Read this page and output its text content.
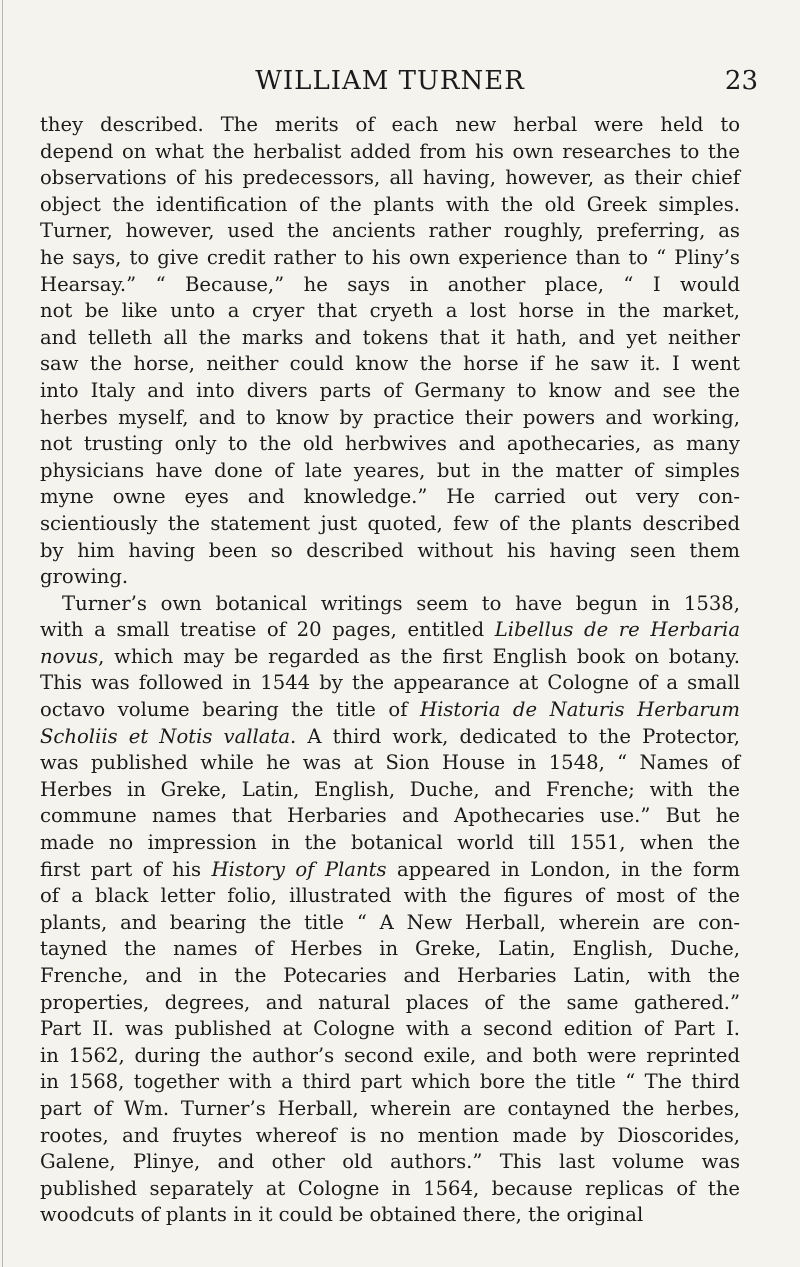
WILLIAM TURNER	23
they described. The merits of each new herbal were held to
depend on what the herbalist added from his own researches to the
observations of his predecessors, all having, however, as their chief
object the identification of the plants with the old Greek simples.
Turner, however, used the ancients rather roughly, preferring, as
he says, to give credit rather to his own experience than to “ Pliny’s
Hearsay.” “ Because,” he says in another place, “ I would
not be like unto a cryer that cryeth a lost horse in the market,
and telleth all the marks and tokens that it hath, and yet neither
saw the horse, neither could know the horse if he saw it. I went
into Italy and into divers parts of Germany to know and see the
herbes myself, and to know by practice their powers and working,
not trusting only to the old herbwives and apothecaries, as many
physicians have done of late yeares, but in the matter of simples
myne owne eyes and knowledge.” He carried out very con-
scientiously the statement just quoted, few of the plants described
by him having been so described without his having seen them
growing.
Turner’s own botanical writings seem to have begun in 1538,
with a small treatise of 20 pages, entitled Libellus de re Herbaria
novus, which may be regarded as the first English book on botany.
This was followed in 1544 by the appearance at Cologne of a small
octavo volume bearing the title of Historia de Naturis Herbarum
Scholiis et Notis vallata. A third work, dedicated to the Protector,
was published while he was at Sion House in 1548, “ Names of
Herbes in Greke, Latin, English, Duche, and Frenche; with the
commune names that Herbaries and Apothecaries use.” But he
made no impression in the botanical world till 1551, when the
first part of his History of Plants appeared in London, in the form
of a black letter folio, illustrated with the figures of most of the
plants, and bearing the title “ A New Herball, wherein are con-
tayned the names of Herbes in Greke, Latin, English, Duche,
Frenche, and in the Potecaries and Herbaries Latin, with the
properties, degrees, and natural places of the same gathered.”
Part II. was published at Cologne with a second edition of Part I.
in 1562, during the author’s second exile, and both were reprinted
in 1568, together with a third part which bore the title “ The third
part of Wm. Turner’s Herball, wherein are contayned the herbes,
rootes, and fruytes whereof is no mention made by Dioscorides,
Galene, Plinye, and other old authors.” This last volume was
published separately at Cologne in 1564, because replicas of the
woodcuts of plants in it could be obtained there, the original
